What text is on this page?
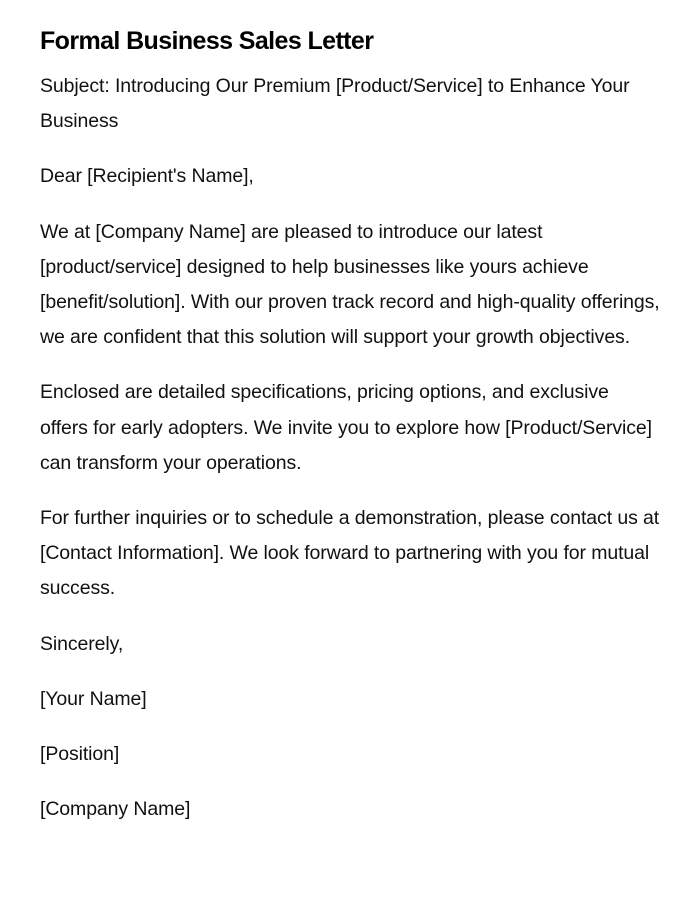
Formal Business Sales Letter

Subject: Introducing Our Premium [Product/Service] to Enhance Your Business

Dear [Recipient's Name],

We at [Company Name] are pleased to introduce our latest [product/service] designed to help businesses like yours achieve [benefit/solution]. With our proven track record and high-quality offerings, we are confident that this solution will support your growth objectives.

Enclosed are detailed specifications, pricing options, and exclusive offers for early adopters. We invite you to explore how [Product/Service] can transform your operations.

For further inquiries or to schedule a demonstration, please contact us at [Contact Information]. We look forward to partnering with you for mutual success.

Sincerely,

[Your Name]

[Position]

[Company Name]
